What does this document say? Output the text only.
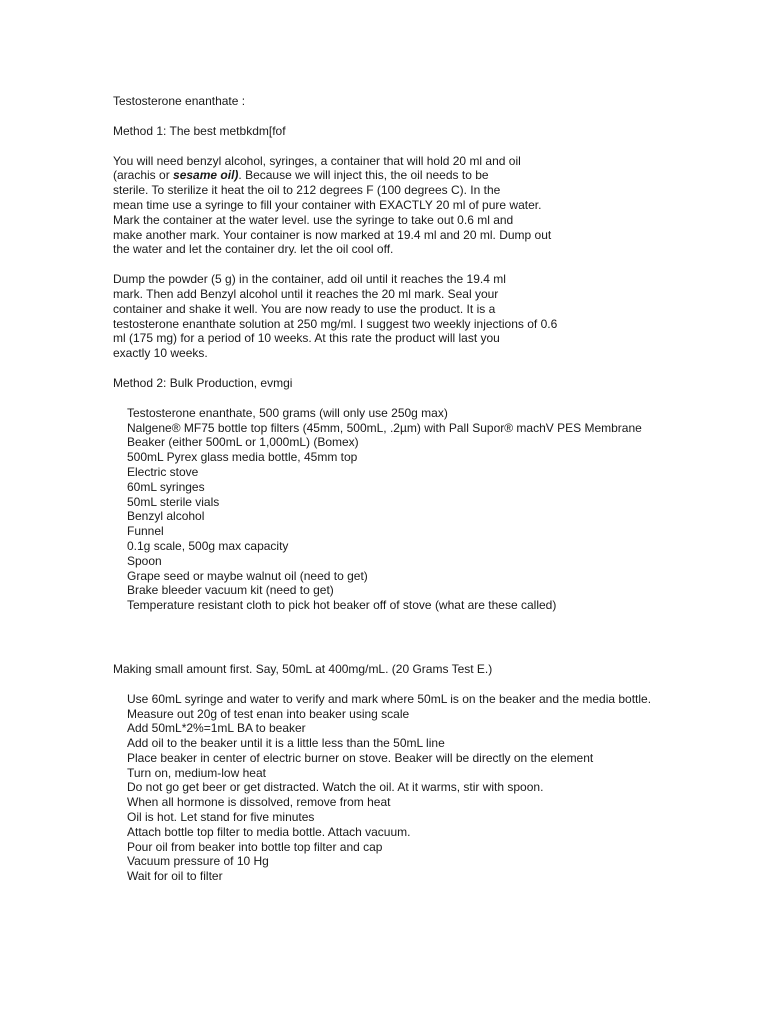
Testosterone enanthate :

Method 1: The best metbkdm[fof

You will need benzyl alcohol, syringes, a container that will hold 20 ml and oil

(arachis or sesame oil). Because we will inject this, the oil needs to be

sterile. To sterilize it heat the oil to 212 degrees F (100 degrees C). In the

mean time use a syringe to fill your container with EXACTLY 20 ml of pure water.

Mark the container at the water level. use the syringe to take out 0.6 ml and

make another mark. Your container is now marked at 19.4 ml and 20 ml. Dump out

the water and let the container dry. let the oil cool off.

Dump the powder (5 g) in the container, add oil until it reaches the 19.4 ml

mark. Then add Benzyl alcohol until it reaches the 20 ml mark. Seal your

container and shake it well. You are now ready to use the product. It is a

testosterone enanthate solution at 250 mg/ml. I suggest two weekly injections of 0.6

ml (175 mg) for a period of 10 weeks. At this rate the product will last you

exactly 10 weeks.

Method 2: Bulk Production, evmgi

Testosterone enanthate, 500 grams (will only use 250g max)

Nalgene® MF75 bottle top filters (45mm, 500mL, .2µm) with Pall Supor® machV PES Membrane

Beaker (either 500mL or 1,000mL) (Bomex)

500mL Pyrex glass media bottle, 45mm top

Electric stove

60mL syringes

50mL sterile vials

Benzyl alcohol

Funnel

0.1g scale, 500g max capacity

Spoon

Grape seed or maybe walnut oil (need to get)

Brake bleeder vacuum kit (need to get)

Temperature resistant cloth to pick hot beaker off of stove (what are these called)

Making small amount first. Say, 50mL at 400mg/mL. (20 Grams Test E.)

Use 60mL syringe and water to verify and mark where 50mL is on the beaker and the media bottle.

Measure out 20g of test enan into beaker using scale

Add 50mL*2%=1mL BA to beaker

Add oil to the beaker until it is a little less than the 50mL line

Place beaker in center of electric burner on stove. Beaker will be directly on the element

Turn on, medium-low heat

Do not go get beer or get distracted. Watch the oil. At it warms, stir with spoon.

When all hormone is dissolved, remove from heat

Oil is hot. Let stand for five minutes

Attach bottle top filter to media bottle. Attach vacuum.

Pour oil from beaker into bottle top filter and cap

Vacuum pressure of 10 Hg

Wait for oil to filter
